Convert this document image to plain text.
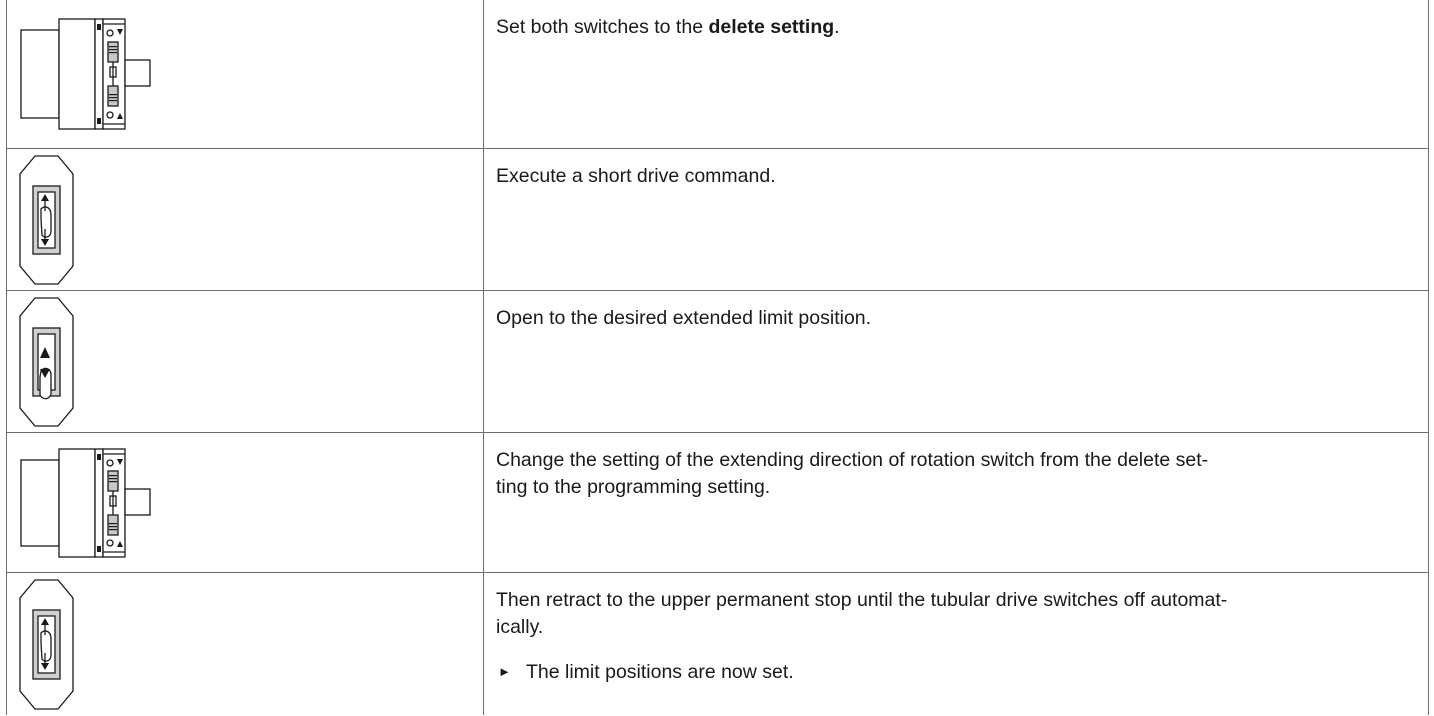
Set both switches to the delete setting.

Execute a short drive command.

Open to the desired extended limit position.

Change the setting of the extending direction of rotation switch from the delete set-
ting to the programming setting.

Then retract to the upper permanent stop until the tubular drive switches off automat-
ically.
► The limit positions are now set.
